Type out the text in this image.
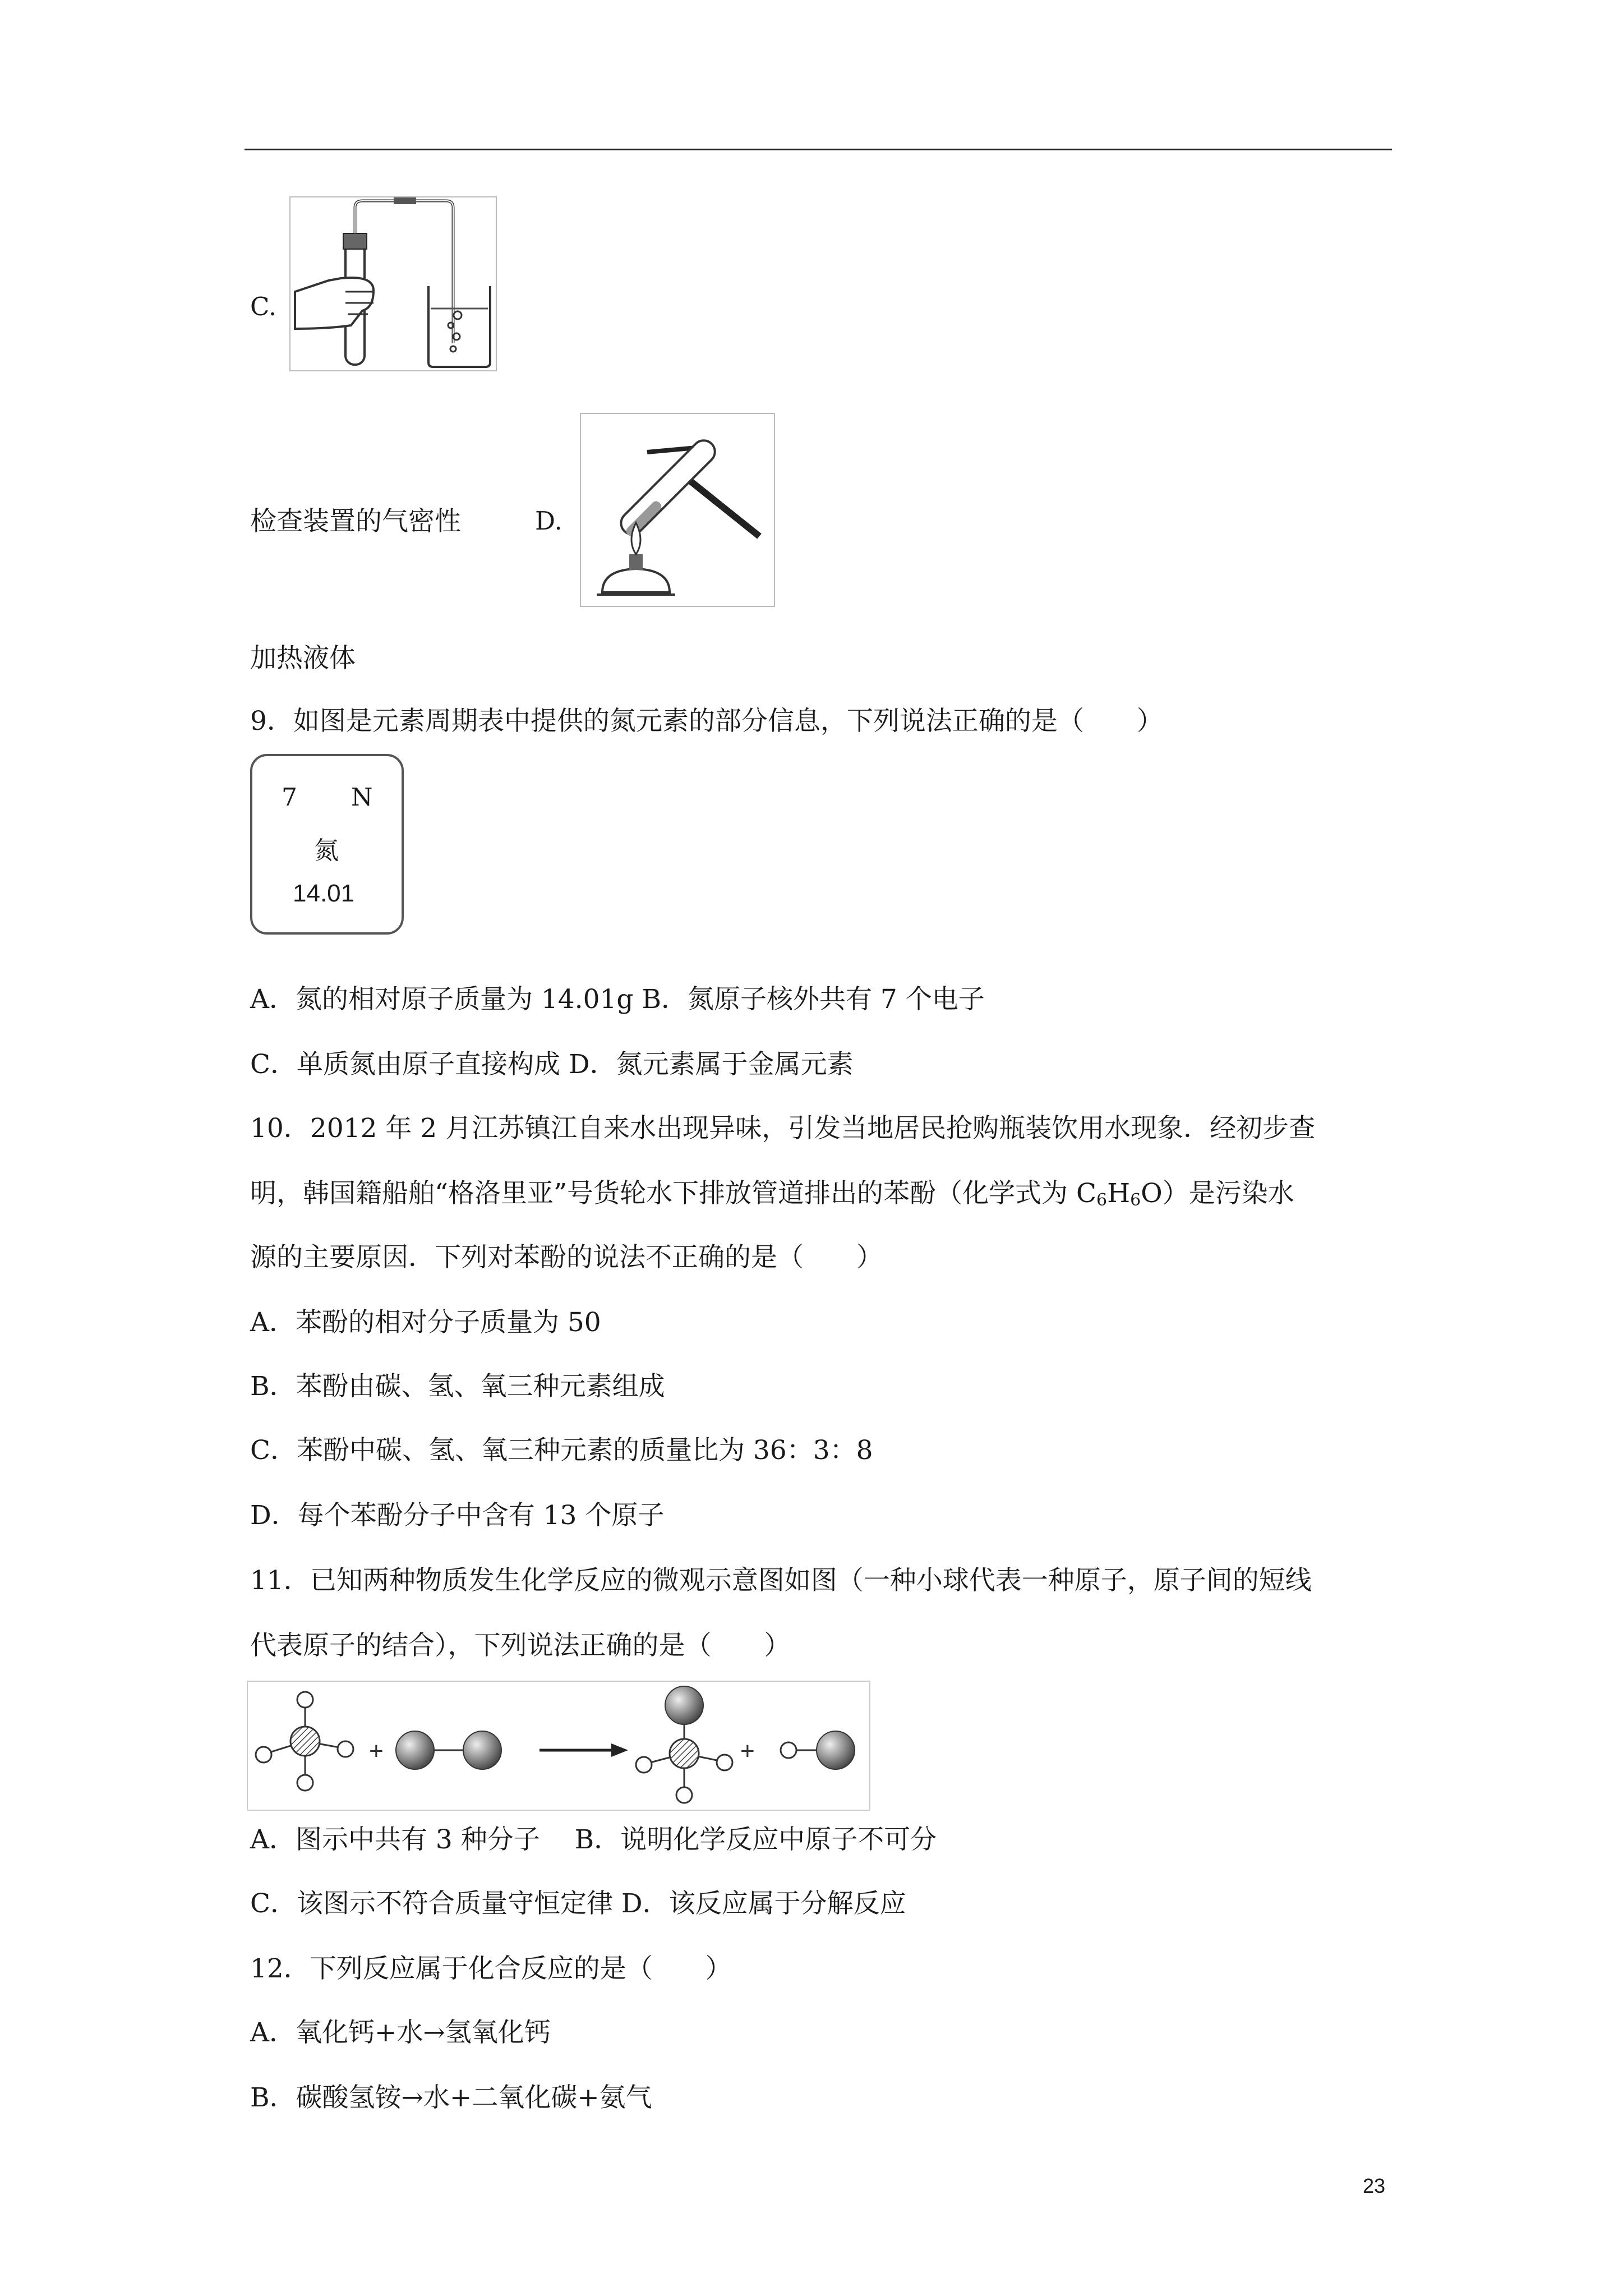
C.
检查装置的气密性	D.
加热液体
9．如图是元素周期表中提供的氮元素的部分信息，下列说法正确的是（　　）
7 N
氮
14.01
A．氮的相对原子质量为 14.01g B．氮原子核外共有 7 个电子
C．单质氮由原子直接构成 D．氮元素属于金属元素
10．2012 年 2 月江苏镇江自来水出现异味，引发当地居民抢购瓶装饮用水现象．经初步查
明，韩国籍船舶“格洛里亚”号货轮水下排放管道排出的苯酚（化学式为 $C_6H_6O$）是污染水
源的主要原因．下列对苯酚的说法不正确的是（　　）
A．苯酚的相对分子质量为 50
B．苯酚由碳、氢、氧三种元素组成
C．苯酚中碳、氢、氧三种元素的质量比为 36：3：8
D．每个苯酚分子中含有 13 个原子
11．已知两种物质发生化学反应的微观示意图如图（一种小球代表一种原子，原子间的短线
代表原子的结合），下列说法正确的是（　　）
+	+
A．图示中共有 3 种分子　 B．说明化学反应中原子不可分
C．该图示不符合质量守恒定律 D．该反应属于分解反应
12．下列反应属于化合反应的是（　　）
A．氧化钙+水→氢氧化钙
B．碳酸氢铵→水+二氧化碳+氨气
23
